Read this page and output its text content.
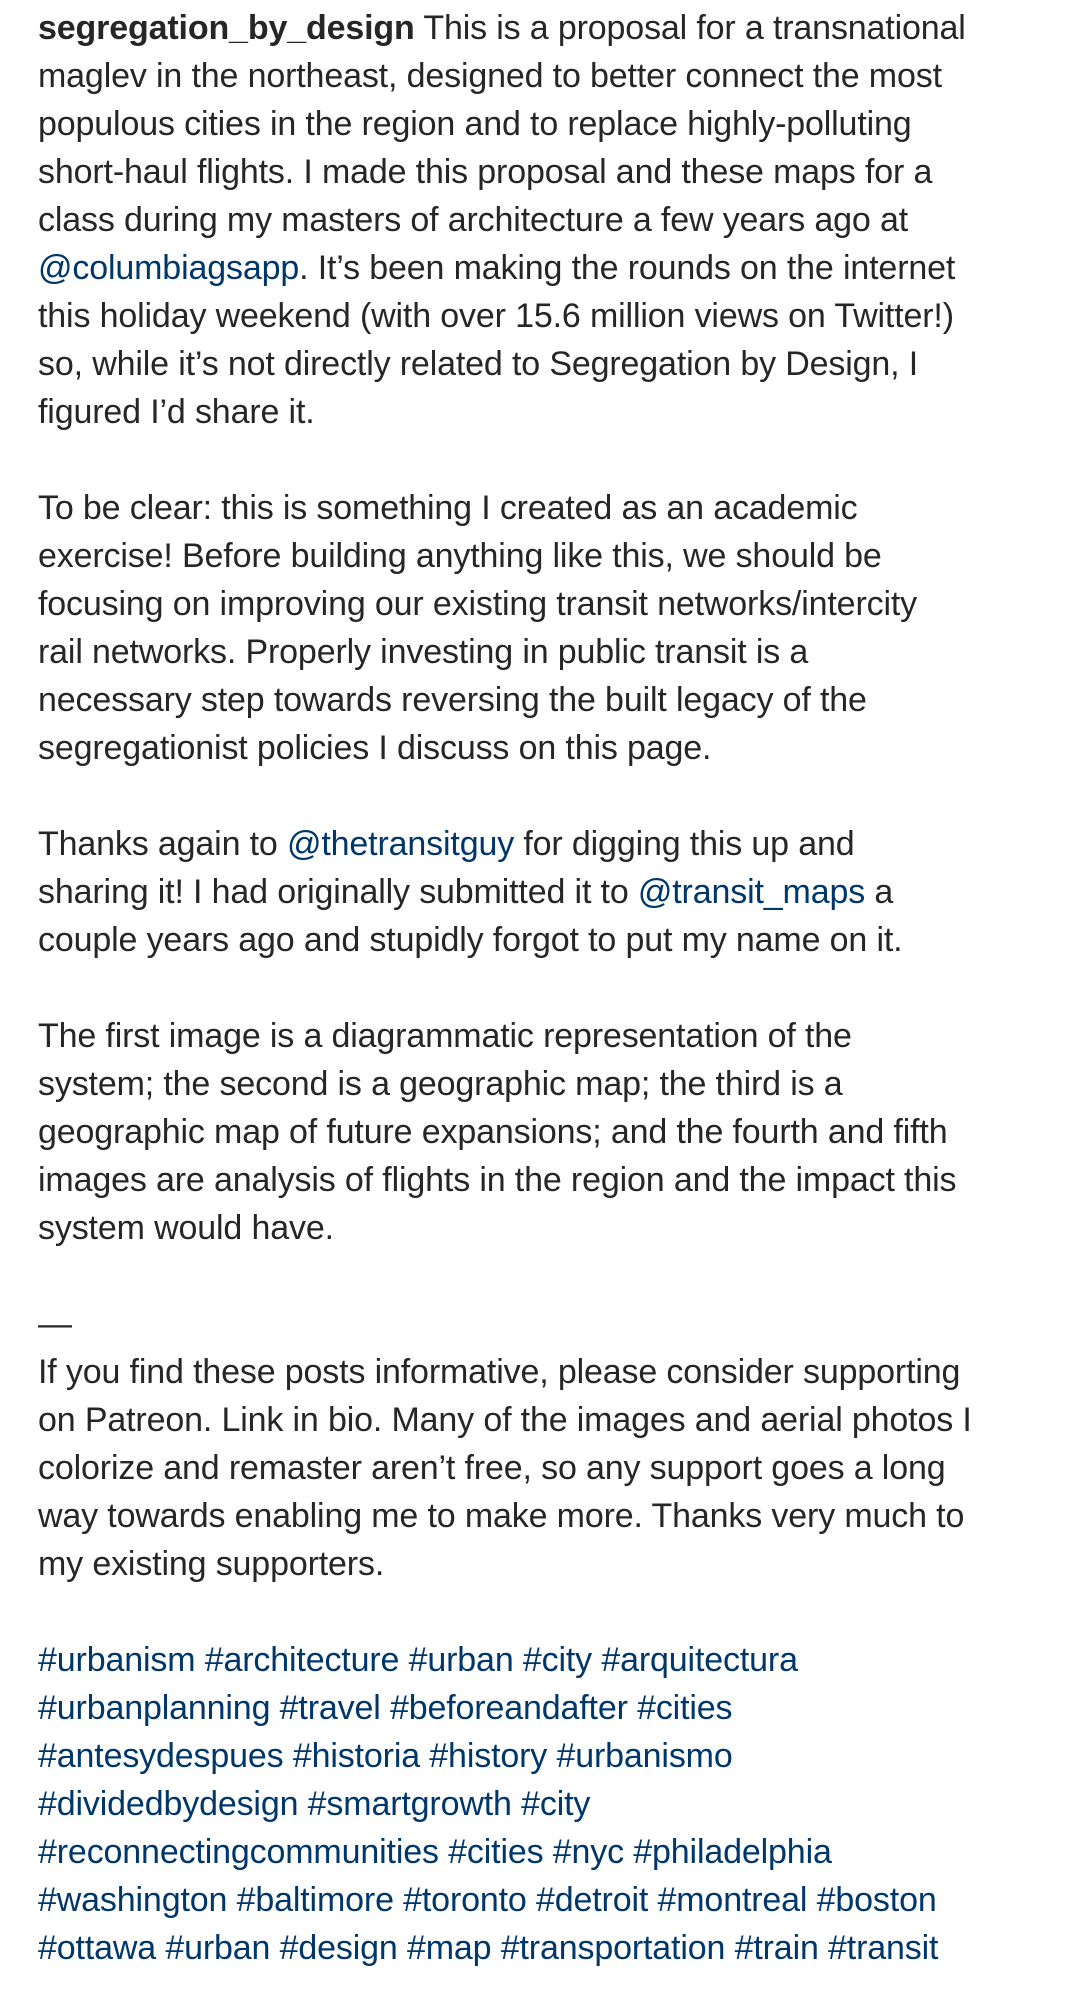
segregation_by_design This is a proposal for a transnational
maglev in the northeast, designed to better connect the most
populous cities in the region and to replace highly-polluting
short-haul flights. I made this proposal and these maps for a
class during my masters of architecture a few years ago at
@columbiagsapp. It’s been making the rounds on the internet
this holiday weekend (with over 15.6 million views on Twitter!)
so, while it’s not directly related to Segregation by Design, I
figured I’d share it.
To be clear: this is something I created as an academic
exercise! Before building anything like this, we should be
focusing on improving our existing transit networks/intercity
rail networks. Properly investing in public transit is a
necessary step towards reversing the built legacy of the
segregationist policies I discuss on this page.
Thanks again to @thetransitguy for digging this up and
sharing it! I had originally submitted it to @transit_maps a
couple years ago and stupidly forgot to put my name on it.
The first image is a diagrammatic representation of the
system; the second is a geographic map; the third is a
geographic map of future expansions; and the fourth and fifth
images are analysis of flights in the region and the impact this
system would have.
—
If you find these posts informative, please consider supporting
on Patreon. Link in bio. Many of the images and aerial photos I
colorize and remaster aren’t free, so any support goes a long
way towards enabling me to make more. Thanks very much to
my existing supporters.
#urbanism #architecture #urban #city #arquitectura
#urbanplanning #travel #beforeandafter #cities
#antesydespues #historia #history #urbanismo
#dividedbydesign #smartgrowth #city
#reconnectingcommunities #cities #nyc #philadelphia
#washington #baltimore #toronto #detroit #montreal #boston
#ottawa #urban #design #map #transportation #train #transit
